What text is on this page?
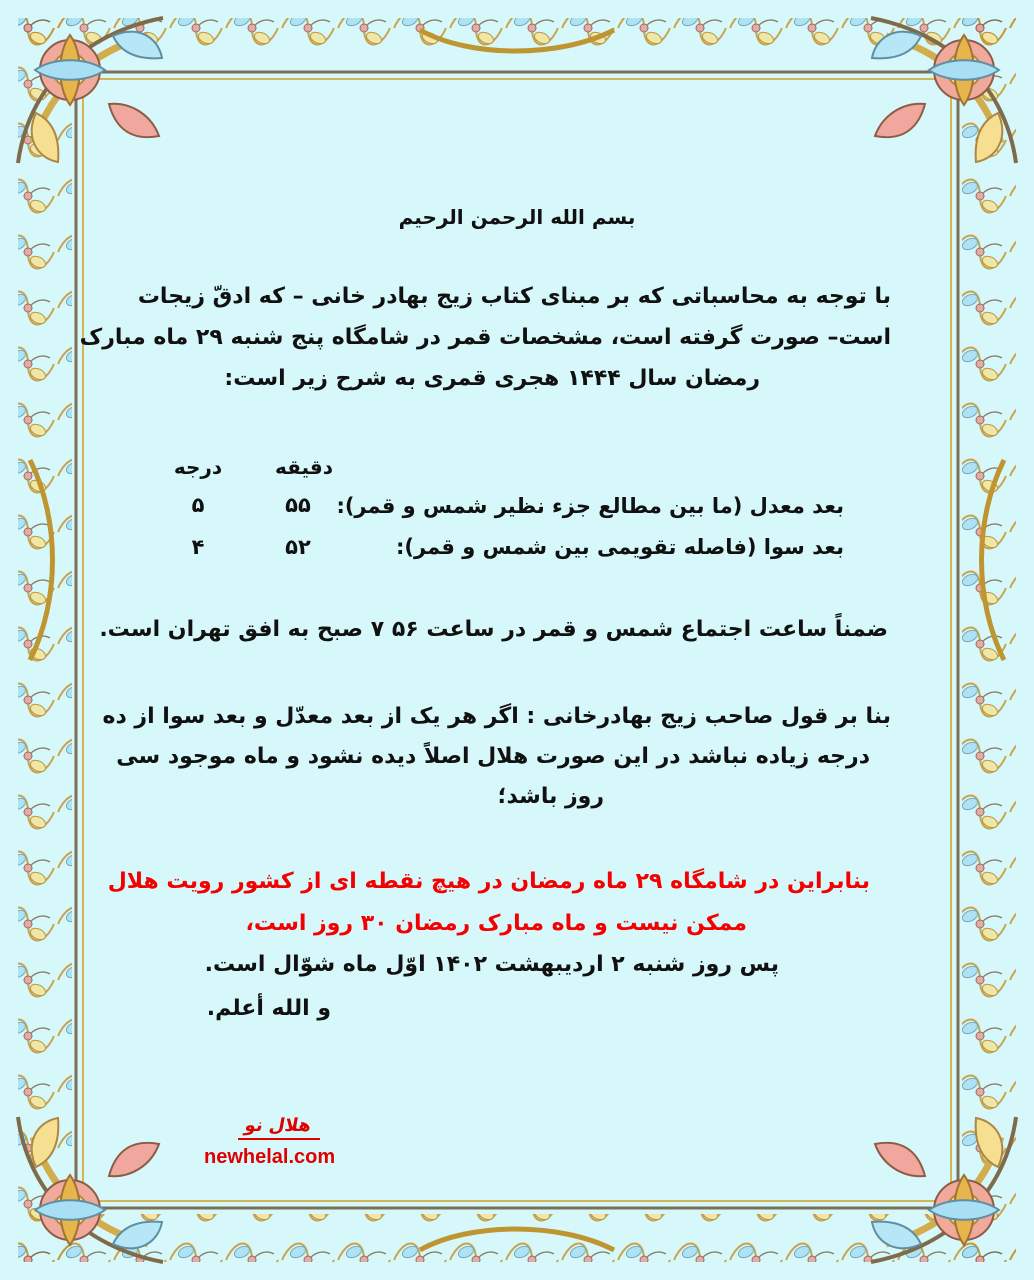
بسم الله الرحمن الرحیم
با توجه به محاسباتی که بر مبنای کتاب زیج بهادر خانی – که ادقّ زیجات
است– صورت گرفته است، مشخصات قمر در شامگاه پنج شنبه ۲۹ ماه مبارک
رمضان سال ۱۴۴۴ هجری قمری به شرح زیر است:
دقیقه
درجه
بعد معدل (ما بین مطالع جزء نظیر شمس و قمر):
۵۵
۵
بعد سوا (فاصله تقویمی بین شمس و قمر):
۵۲
۴
ضمناً ساعت اجتماع شمس و قمر در ساعت ۵۶ ۷ صبح به افق تهران است.
بنا بر قول صاحب زیج بهادرخانی : اگر هر یک از بعد معدّل و بعد سوا از ده
درجه زیاده نباشد در این صورت هلال اصلاً دیده نشود و ماه موجود سی
روز باشد؛
بنابراین در شامگاه ۲۹ ماه رمضان در هیچ نقطه ای از کشور رویت هلال
ممکن نیست و ماه مبارک رمضان ۳۰ روز است،
پس روز شنبه ۲ اردیبهشت ۱۴۰۲ اوّل ماه شوّال است.
و الله أعلم.
هلال نو
newhelal.com
